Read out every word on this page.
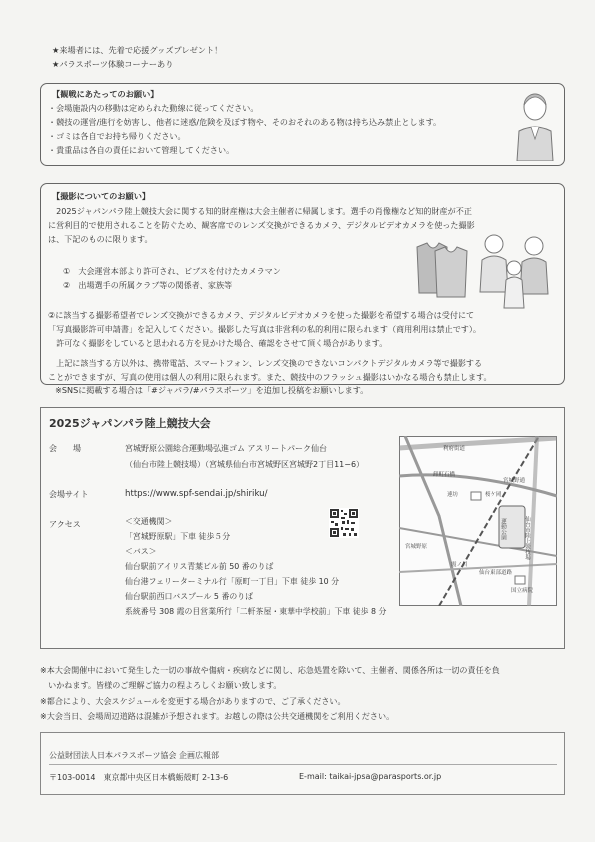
★来場者には、先着で応援グッズプレゼント！
★パラスポーツ体験コーナーあり
【観戦にあたってのお願い】
・会場施設内の移動は定められた動線に従ってください。
・競技の運営/進行を妨害し、他者に迷惑/危険を及ぼす物や、そのおそれのある物は持ち込み禁止とします。
・ゴミは各自でお持ち帰りください。
・貴重品は各自の責任において管理してください。
【撮影についてのお願い】
　2025ジャパンパラ陸上競技大会に関する知的財産権は大会主催者に帰属します。選手の肖像権など知的財産が不正
に営利目的で使用されることを防ぐため、観客席でのレンズ交換ができるカメラ、デジタルビデオカメラを使った撮影
は、下記のものに限ります。
①　大会運営本部より許可され、ビブスを付けたカメラマン
②　出場選手の所属クラブ等の関係者、家族等
②に該当する撮影希望者でレンズ交換ができるカメラ、デジタルビデオカメラを使った撮影を希望する場合は受付にて
「写真撮影許可申請書」を記入してください。撮影した写真は非営利の私的利用に限られます（商用利用は禁止です）。
　許可なく撮影をしていると思われる方を見かけた場合、確認をさせて頂く場合があります。
　上記に該当する方以外は、携帯電話、スマートフォン、レンズ交換のできないコンパクトデジタルカメラ等で撮影する
ことができますが、写真の使用は個人の利用に限られます。また、競技中のフラッシュ撮影はいかなる場合も禁止します。
　※SNSに掲載する場合は「#ジャパラ/#パラスポーツ」を追加し投稿をお願いします。
2025ジャパンパラ陸上競技大会
会　　場	宮城野原公園総合運動場弘進ゴム アスリートパーク仙台
（仙台市陸上競技場）（宮城県仙台市宮城野区宮城野2丁目11−6）
会場サイト	https://www.spf-sendai.jp/shiriku/
アクセス	＜交通機関＞
「宮城野原駅」下車 徒歩５分
＜バス＞
仙台駅前アイリス青葉ビル前 50 番のりば
仙台港フェリーターミナル行「原町一丁目」下車 徒歩 10 分
仙台駅前西口バスプール 5 番のりば
系統番号 308 霞の目営業所行「二軒茶屋・東華中学校前」下車 徒歩 8 分
利府街道
宮城野通
卸町石橋
連坊	桜ケ岡
仙台市陸上競技場
運動公園
霞ノ目
仙台東部道路
国立病院
宮城野原
※本大会開催中において発生した一切の事故や傷病・疾病などに関し、応急処置を除いて、主催者、関係各所は一切の責任を負
　いかねます。皆様のご理解ご協力の程よろしくお願い致します。
※都合により、大会スケジュールを変更する場合がありますので、ご了承ください。
※大会当日、会場周辺道路は混雑が予想されます。お越しの際は公共交通機関をご利用ください。
公益財団法人日本パラスポーツ協会 企画広報部
〒103-0014　東京都中央区日本橋蛎殻町 2-13-6	E-mail: taikai-jpsa@parasports.or.jp
